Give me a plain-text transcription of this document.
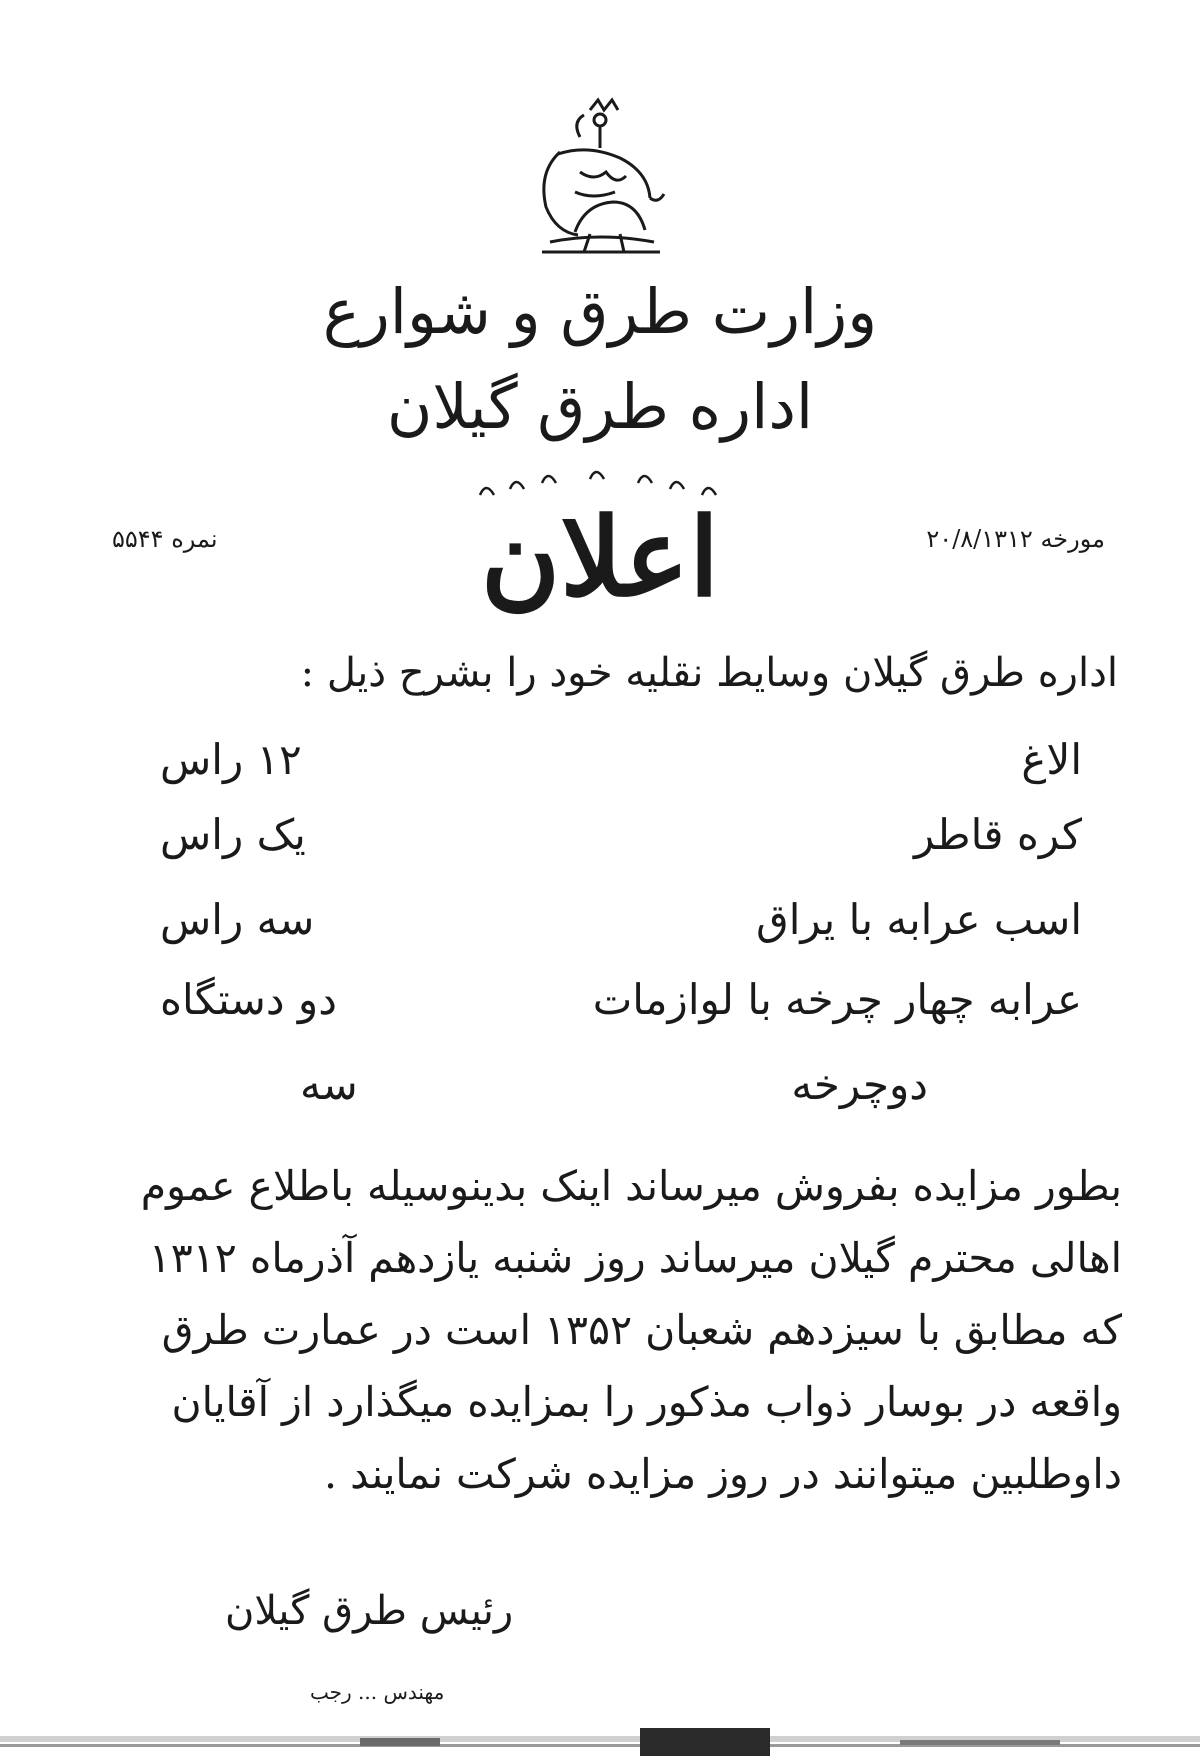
وزارت طرق و شوارع
اداره طرق گیلان
اعلان	مورخه ۲۰/۸/۱۳۱۲
نمره ۵۵۴۴
اداره طرق گیلان وسایط نقلیه خود را بشرح ذیل :
الاغ
۱۲ راس
کره قاطر
یک راس
اسب عرابه با یراق
سه راس
عرابه چهار چرخه با لوازمات
دو دستگاه
دوچرخه
سه
بطور مزایده بفروش میرساند اینک بدینوسیله باطلاع عموم
اهالی محترم گیلان میرساند روز شنبه یازدهم آذرماه ۱۳۱۲
که مطابق با سیزدهم شعبان ۱۳۵۲ است در عمارت طرق
واقعه در بوسار ذواب مذکور را بمزایده میگذارد از آقایان
داوطلبین میتوانند در روز مزایده شرکت نمایند .
رئیس طرق گیلان
مهندس ... رجب
